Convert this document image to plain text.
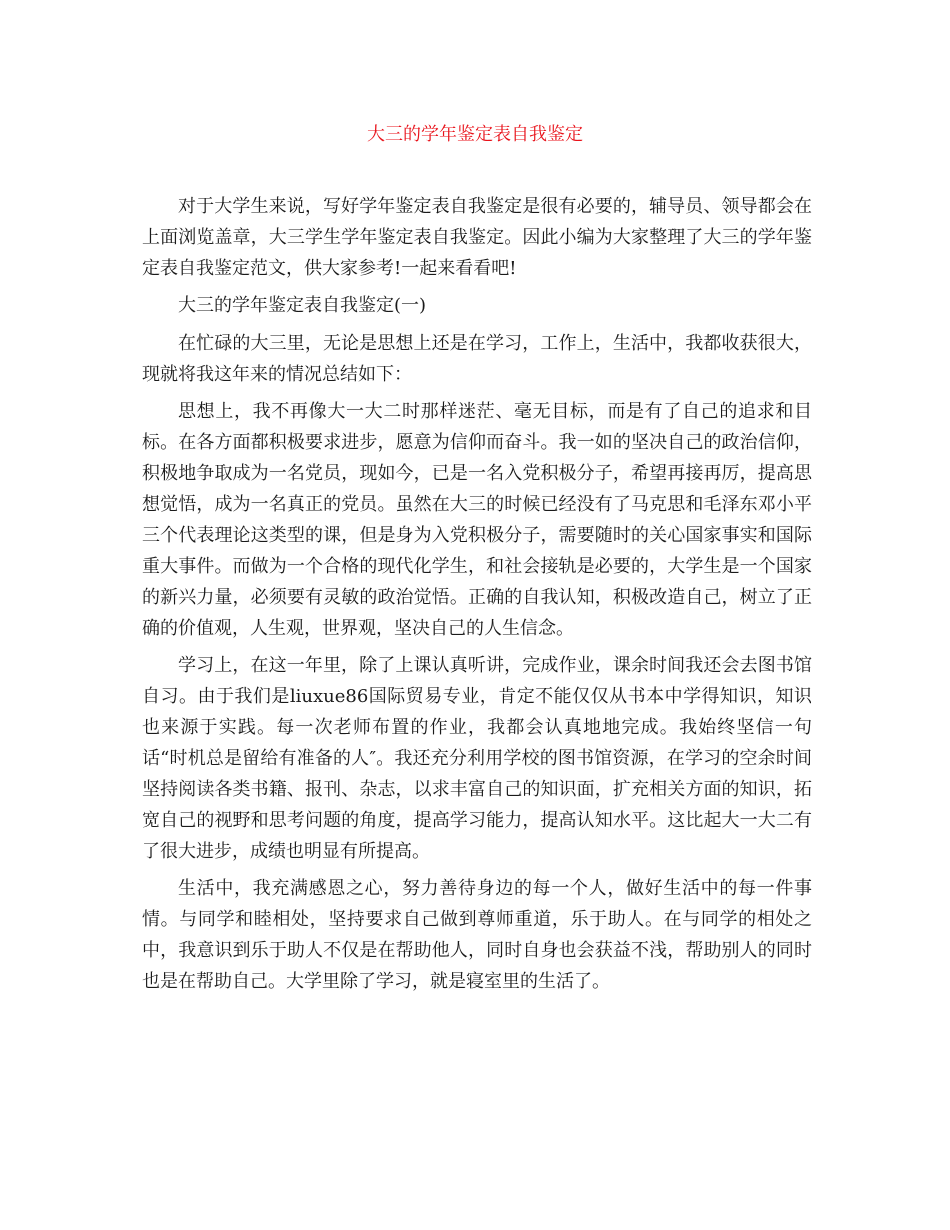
大三的学年鉴定表自我鉴定

对于大学生来说，写好学年鉴定表自我鉴定是很有必要的，辅导员、领导都会在上面浏览盖章，大三学生学年鉴定表自我鉴定。因此小编为大家整理了大三的学年鉴定表自我鉴定范文，供大家参考!一起来看看吧!

大三的学年鉴定表自我鉴定(一)

在忙碌的大三里，无论是思想上还是在学习，工作上，生活中，我都收获很大，现就将我这年来的情况总结如下：

思想上，我不再像大一大二时那样迷茫、毫无目标，而是有了自己的追求和目标。在各方面都积极要求进步，愿意为信仰而奋斗。我一如的坚决自己的政治信仰，积极地争取成为一名党员，现如今，已是一名入党积极分子，希望再接再厉，提高思想觉悟，成为一名真正的党员。虽然在大三的时候已经没有了马克思和毛泽东邓小平三个代表理论这类型的课，但是身为入党积极分子，需要随时的关心国家事实和国际重大事件。而做为一个合格的现代化学生，和社会接轨是必要的，大学生是一个国家的新兴力量，必须要有灵敏的政治觉悟。正确的自我认知，积极改造自己，树立了正确的价值观，人生观，世界观，坚决自己的人生信念。

学习上，在这一年里，除了上课认真听讲，完成作业，课余时间我还会去图书馆自习。由于我们是liuxue86国际贸易专业，肯定不能仅仅从书本中学得知识，知识也来源于实践。每一次老师布置的作业，我都会认真地地完成。我始终坚信一句话“时机总是留给有准备的人″。我还充分利用学校的图书馆资源，在学习的空余时间坚持阅读各类书籍、报刊、杂志，以求丰富自己的知识面，扩充相关方面的知识，拓宽自己的视野和思考问题的角度，提高学习能力，提高认知水平。这比起大一大二有了很大进步，成绩也明显有所提高。

生活中，我充满感恩之心，努力善待身边的每一个人，做好生活中的每一件事情。与同学和睦相处，坚持要求自己做到尊师重道，乐于助人。在与同学的相处之中，我意识到乐于助人不仅是在帮助他人，同时自身也会获益不浅，帮助别人的同时也是在帮助自己。大学里除了学习，就是寝室里的生活了。
